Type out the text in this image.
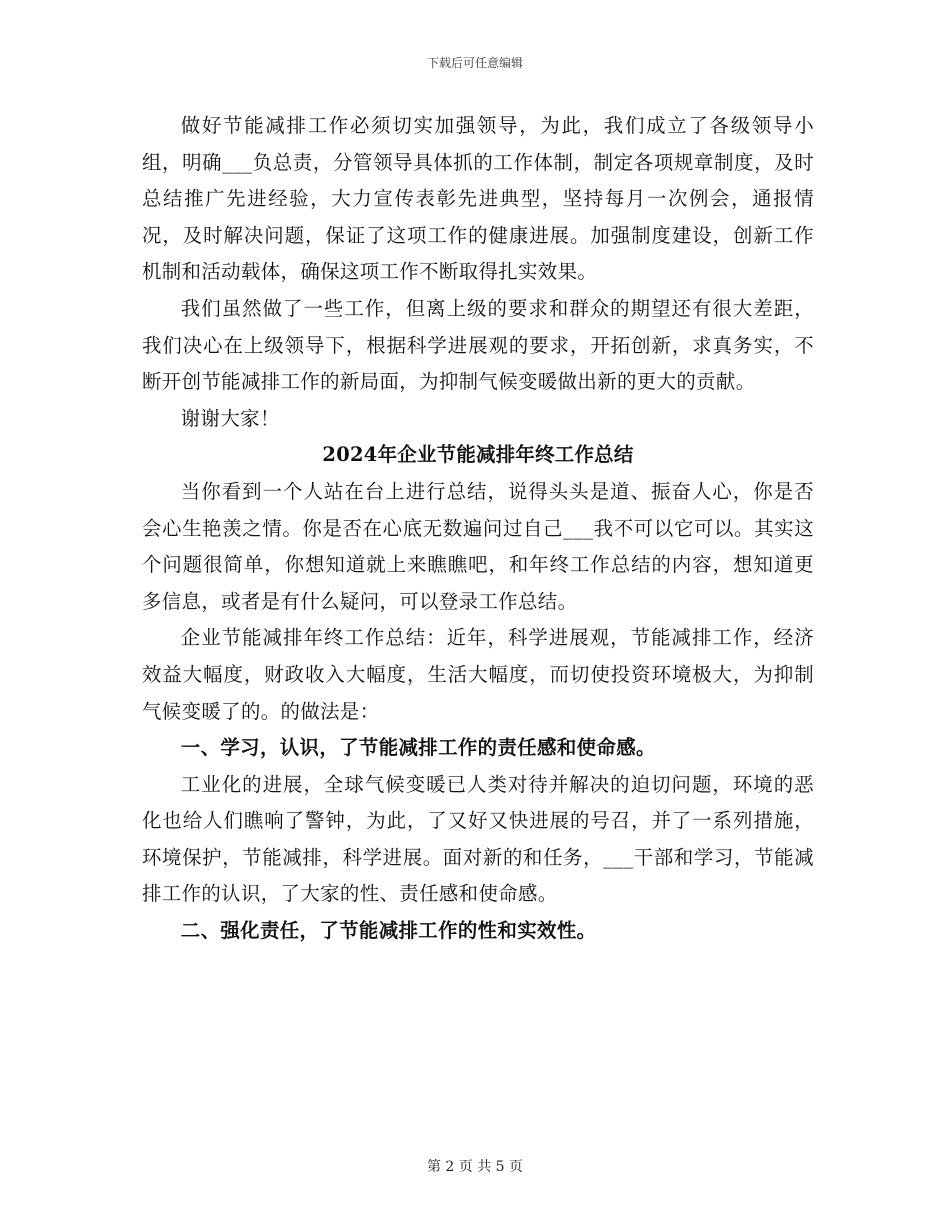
下载后可任意编辑

做好节能减排工作必须切实加强领导，为此，我们成立了各级领导小组，明确___负总责，分管领导具体抓的工作体制，制定各项规章制度，及时总结推广先进经验，大力宣传表彰先进典型，坚持每月一次例会，通报情况，及时解决问题，保证了这项工作的健康进展。加强制度建设，创新工作机制和活动载体，确保这项工作不断取得扎实效果。

我们虽然做了一些工作，但离上级的要求和群众的期望还有很大差距，我们决心在上级领导下，根据科学进展观的要求，开拓创新，求真务实，不断开创节能减排工作的新局面，为抑制气候变暖做出新的更大的贡献。

谢谢大家！

2024年企业节能减排年终工作总结

当你看到一个人站在台上进行总结，说得头头是道、振奋人心，你是否会心生艳羡之情。你是否在心底无数遍问过自己___我不可以它可以。其实这个问题很简单，你想知道就上来瞧瞧吧，和年终工作总结的内容，想知道更多信息，或者是有什么疑问，可以登录工作总结。

企业节能减排年终工作总结：近年，科学进展观，节能减排工作，经济效益大幅度，财政收入大幅度，生活大幅度，而切使投资环境极大，为抑制气候变暖了的。的做法是：

一、学习，认识，了节能减排工作的责任感和使命感。

工业化的进展，全球气候变暖已人类对待并解决的迫切问题，环境的恶化也给人们瞧响了警钟，为此，了又好又快进展的号召，并了一系列措施，环境保护，节能减排，科学进展。面对新的和任务，___干部和学习，节能减排工作的认识，了大家的性、责任感和使命感。

二、强化责任，了节能减排工作的性和实效性。

第 2 页 共 5 页
